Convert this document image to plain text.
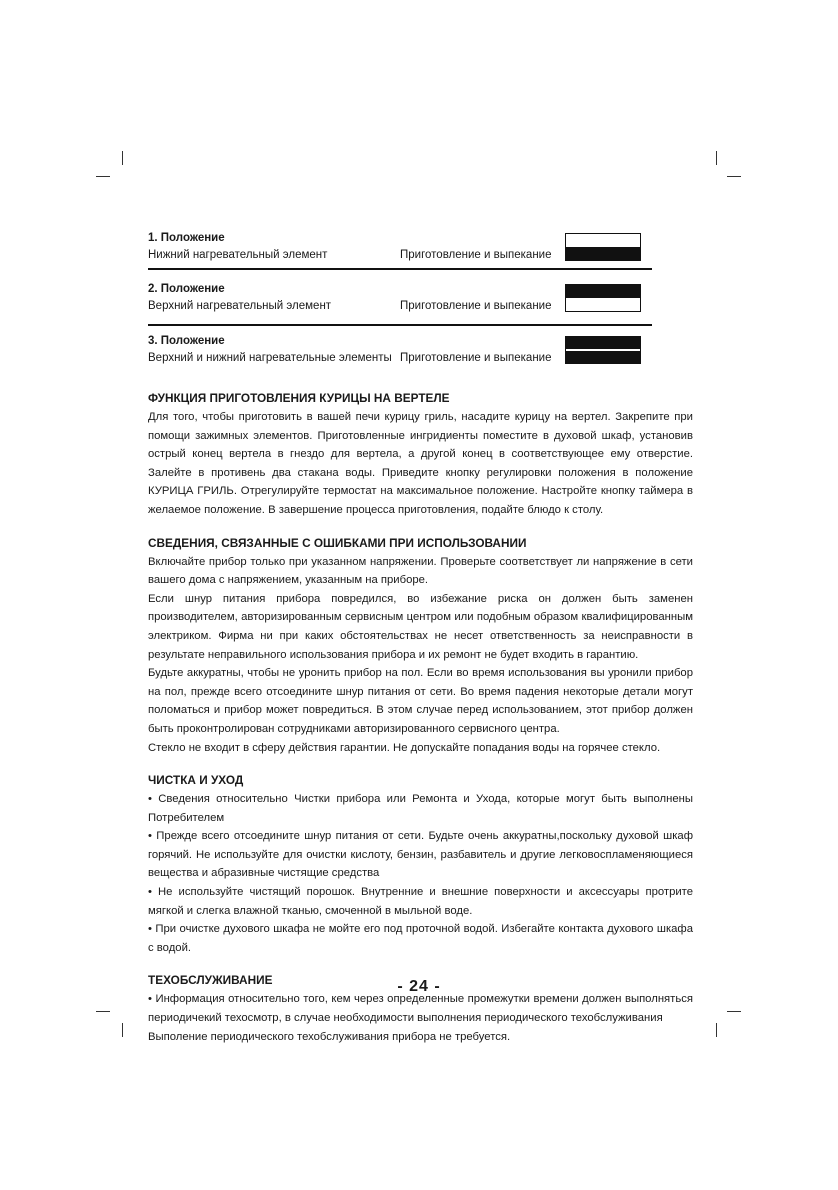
1. Положение
Нижний нагревательный элемент	Приготовление и выпекание
2. Положение
Верхний нагревательный элемент	Приготовление и выпекание
3. Положение
Верхний и нижний нагревательные элементы Приготовление и выпекание
ФУНКЦИЯ ПРИГОТОВЛЕНИЯ КУРИЦЫ НА ВЕРТЕЛЕ

Для того, чтобы приготовить в вашей печи курицу гриль, насадите курицу на вертел. Закрепите при помощи зажимных элементов. Приготовленные ингридиенты поместите в духовой шкаф, установив острый конец вертела в гнездо для вертела, а другой конец в соответствующее ему отверстие. Залейте в противень два стакана воды. Приведите кнопку регулировки положения в положение КУРИЦА ГРИЛЬ. Отрегулируйте термостат на максимальное положение. Настройте кнопку таймера в желаемое положение. В завершение процесса приготовления, подайте блюдо к столу.

СВЕДЕНИЯ, СВЯЗАННЫЕ С ОШИБКАМИ ПРИ ИСПОЛЬЗОВАНИИ

Включайте прибор только при указанном напряжении. Проверьте соответствует ли напряжение в сети вашего дома с напряжением, указанным на приборе.

Если шнур питания прибора повредился, во избежание риска он должен быть заменен производителем, авторизированным сервисным центром или подобным образом квалифицированным электриком. Фирма ни при каких обстоятельствах не несет ответственность за неисправности в результате неправильного использования прибора и их ремонт не будет входить в гарантию.

Будьте аккуратны, чтобы не уронить прибор на пол. Если во время использования вы уронили прибор на пол, прежде всего отсоедините шнур питания от сети. Во время падения некоторые детали могут поломаться и прибор может повредиться. В этом случае перед использованием, этот прибор должен быть проконтролирован сотрудниками авторизированного сервисного центра.

Стекло не входит в сферу действия гарантии. Не допускайте попадания воды на горячее стекло.

ЧИСТКА И УХОД

• Сведения относительно Чистки прибора или Ремонта и Ухода, которые могут быть выполнены Потребителем

• Прежде всего отсоедините шнур питания от сети. Будьте очень аккуратны,поскольку духовой шкаф горячий. Не используйте для очистки кислоту, бензин, разбавитель и другие легковоспламеняющиеся вещества и абразивные чистящие средства

• Не используйте чистящий порошок. Внутренние и внешние поверхности и аксессуары протрите мягкой и слегка влажной тканью, смоченной в мыльной воде.

• При очистке духового шкафа не мойте его под проточной водой. Избегайте контакта духового шкафа с водой.

ТЕХОБСЛУЖИВАНИЕ

• Информация относительно того, кем через определенные промежутки времени должен выполняться периодичекий техосмотр, в случае необходимости выполнения периодического техобслуживания

Выполение периодического техобслуживания прибора не требуется.

- 24 -
